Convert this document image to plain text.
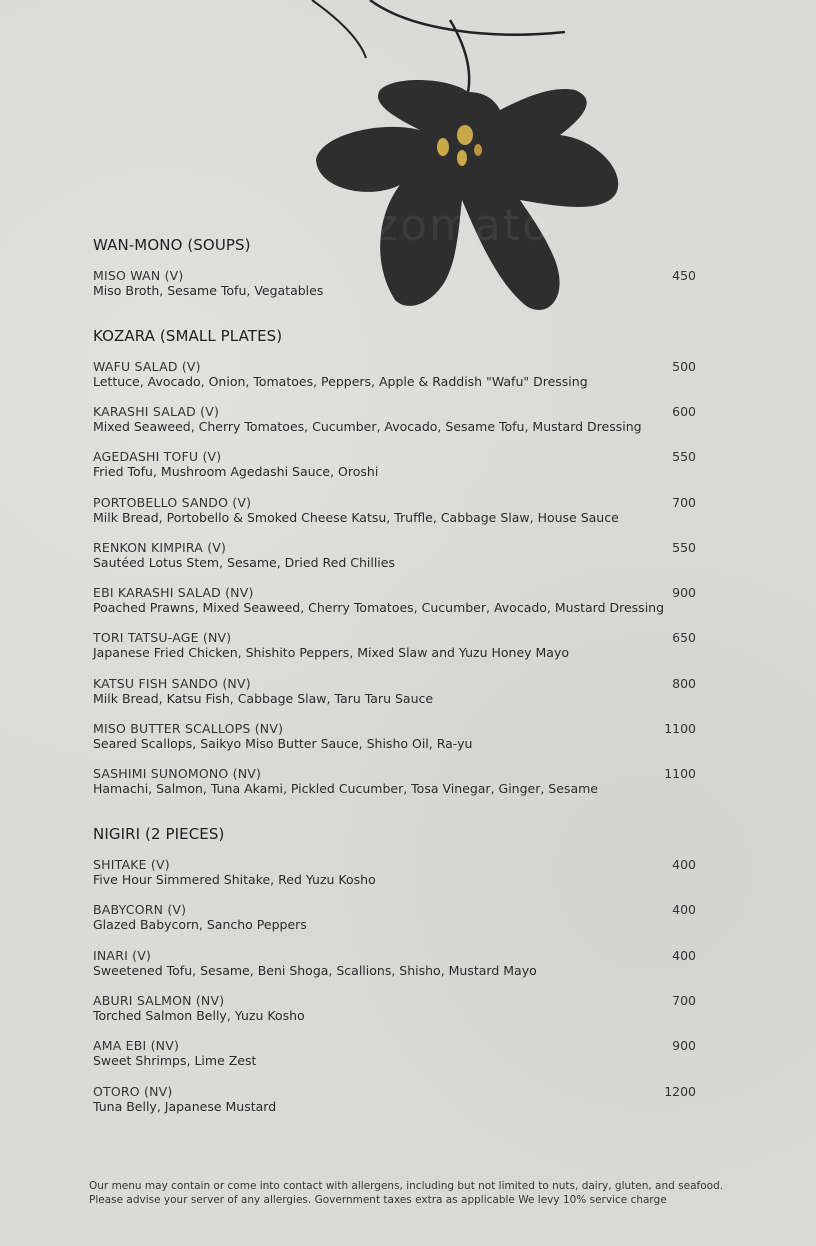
zomato
WAN-MONO (SOUPS)
MISO WAN (V)
Miso Broth, Sesame Tofu, Vegatables
450
KOZARA (SMALL PLATES)
WAFU SALAD (V)
Lettuce, Avocado, Onion, Tomatoes, Peppers, Apple & Raddish "Wafu" Dressing
500
KARASHI SALAD (V)
Mixed Seaweed, Cherry Tomatoes, Cucumber, Avocado, Sesame Tofu, Mustard Dressing
600
AGEDASHI TOFU (V)
Fried Tofu, Mushroom Agedashi Sauce, Oroshi
550
PORTOBELLO SANDO (V)
Milk Bread, Portobello & Smoked Cheese Katsu, Truffle, Cabbage Slaw, House Sauce
700
RENKON KIMPIRA (V)
Sautéed Lotus Stem, Sesame, Dried Red Chillies
550
EBI KARASHI SALAD (NV)
Poached Prawns, Mixed Seaweed, Cherry Tomatoes, Cucumber, Avocado, Mustard Dressing
900
TORI TATSU-AGE (NV)
Japanese Fried Chicken, Shishito Peppers, Mixed Slaw and Yuzu Honey Mayo
650
KATSU FISH SANDO (NV)
Milk Bread, Katsu Fish, Cabbage Slaw, Taru Taru Sauce
800
MISO BUTTER SCALLOPS (NV)
Seared Scallops, Saikyo Miso Butter Sauce, Shisho Oil, Ra-yu
1100
SASHIMI SUNOMONO (NV)
Hamachi, Salmon, Tuna Akami, Pickled Cucumber, Tosa Vinegar, Ginger, Sesame
1100
NIGIRI (2 PIECES)
SHITAKE (V)
Five Hour Simmered Shitake, Red Yuzu Kosho
400
BABYCORN (V)
Glazed Babycorn, Sancho Peppers
400
INARI (V)
Sweetened Tofu, Sesame, Beni Shoga, Scallions, Shisho, Mustard Mayo
400
ABURI SALMON (NV)
Torched Salmon Belly, Yuzu Kosho
700
AMA EBI (NV)
Sweet Shrimps, Lime Zest
900
OTORO (NV)
Tuna Belly, Japanese Mustard
1200
Our menu may contain or come into contact with allergens, including but not limited to nuts, dairy, gluten, and seafood.
Please advise your server of any allergies. Government taxes extra as applicable We levy 10% service charge
